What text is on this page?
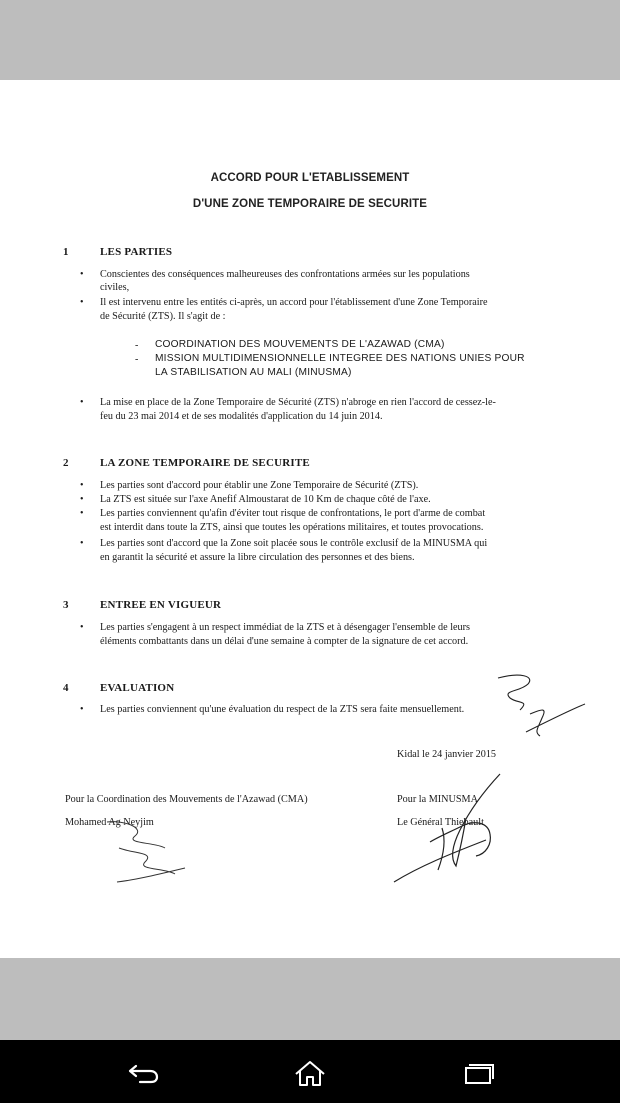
ACCORD POUR L'ETABLISSEMENT
D'UNE ZONE TEMPORAIRE DE SECURITE
1	LES PARTIES
• Conscientes des conséquences malheureuses des confrontations armées sur les populations
civiles,
• Il est intervenu entre les entités ci-après, un accord pour l'établissement d'une Zone Temporaire
de Sécurité (ZTS). Il s'agit de :
- COORDINATION DES MOUVEMENTS DE L'AZAWAD (CMA)
- MISSION MULTIDIMENSIONNELLE INTEGREE DES NATIONS UNIES POUR
LA STABILISATION AU MALI (MINUSMA)
• La mise en place de la Zone Temporaire de Sécurité (ZTS) n'abroge en rien l'accord de cessez-le-
feu du 23 mai 2014 et de ses modalités d'application du 14 juin 2014.
2	LA ZONE TEMPORAIRE DE SECURITE
• Les parties sont d'accord pour établir une Zone Temporaire de Sécurité (ZTS).
• La ZTS est située sur l'axe Anefif Almoustarat de 10 Km de chaque côté de l'axe.
• Les parties conviennent qu'afin d'éviter tout risque de confrontations, le port d'arme de combat
est interdit dans toute la ZTS, ainsi que toutes les opérations militaires, et toutes provocations.
• Les parties sont d'accord que la Zone soit placée sous le contrôle exclusif de la MINUSMA qui
en garantit la sécurité et assure la libre circulation des personnes et des biens.
3	ENTREE EN VIGUEUR
• Les parties s'engagent à un respect immédiat de la ZTS et à désengager l'ensemble de leurs
éléments combattants dans un délai d'une semaine à compter de la signature de cet accord.
4	EVALUATION
• Les parties conviennent qu'une évaluation du respect de la ZTS sera faite mensuellement.
Kidal le 24 janvier 2015
Pour la Coordination des Mouvements de l'Azawad (CMA)
Mohamed Ag Neyjim
Pour la MINUSMA
Le Général Thiebault
